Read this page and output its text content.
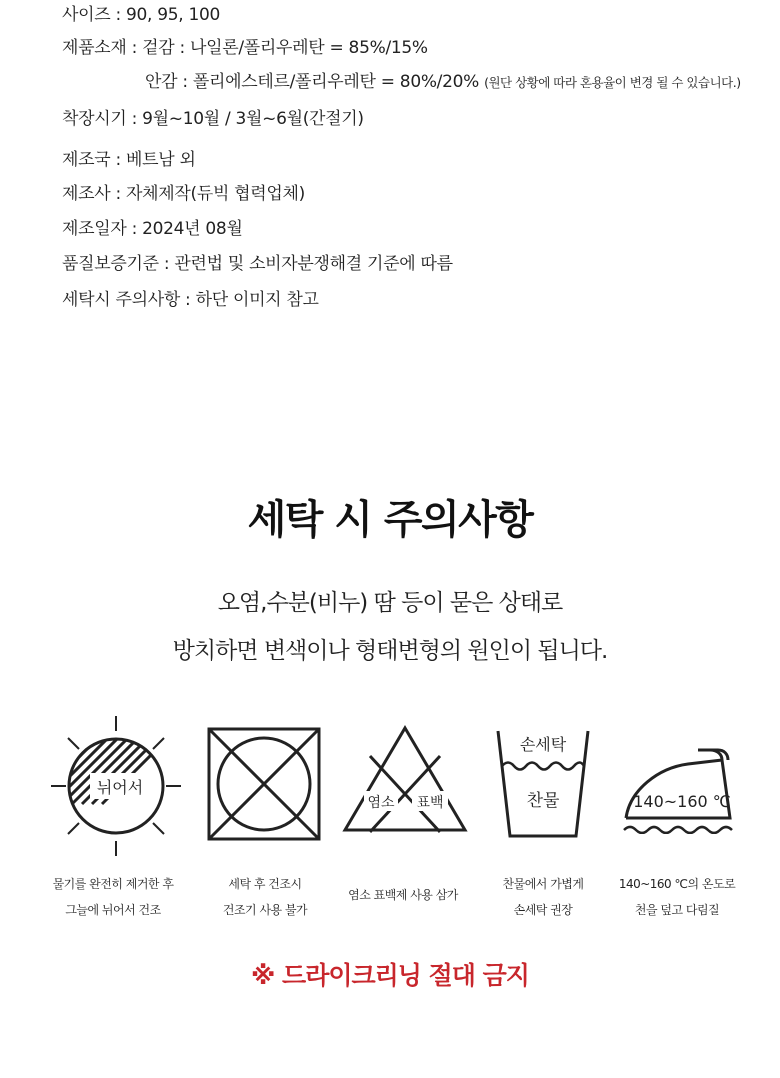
사이즈 : 90, 95, 100
제품소재 : 겉감 : 나일론/폴리우레탄 = 85%/15%
안감 : 폴리에스테르/폴리우레탄 = 80%/20% (원단 상황에 따라 혼용율이 변경 될 수 있습니다.)
착장시기 : 9월~10월 / 3월~6월(간절기)
제조국 : 베트남 외
제조사 : 자체제작(듀빅 협력업체)
제조일자 : 2024년 08월
품질보증기준 : 관련법 및 소비자분쟁해결 기준에 따름
세탁시 주의사항 : 하단 이미지 참고
세탁 시 주의사항
오염,수분(비누) 땀 등이 묻은 상태로
방치하면 변색이나 형태변형의 원인이 됩니다.
뉘어서
염소 표백
손세탁
찬물	140~160 ℃
물기를 완전히 제거한 후
그늘에 뉘어서 건조
세탁 후 건조시
건조기 사용 불가
염소 표백제 사용 삼가
찬물에서 가볍게
손세탁 권장
140~160 ℃의 온도로
천을 덮고 다림질
※ 드라이크리닝 절대 금지
